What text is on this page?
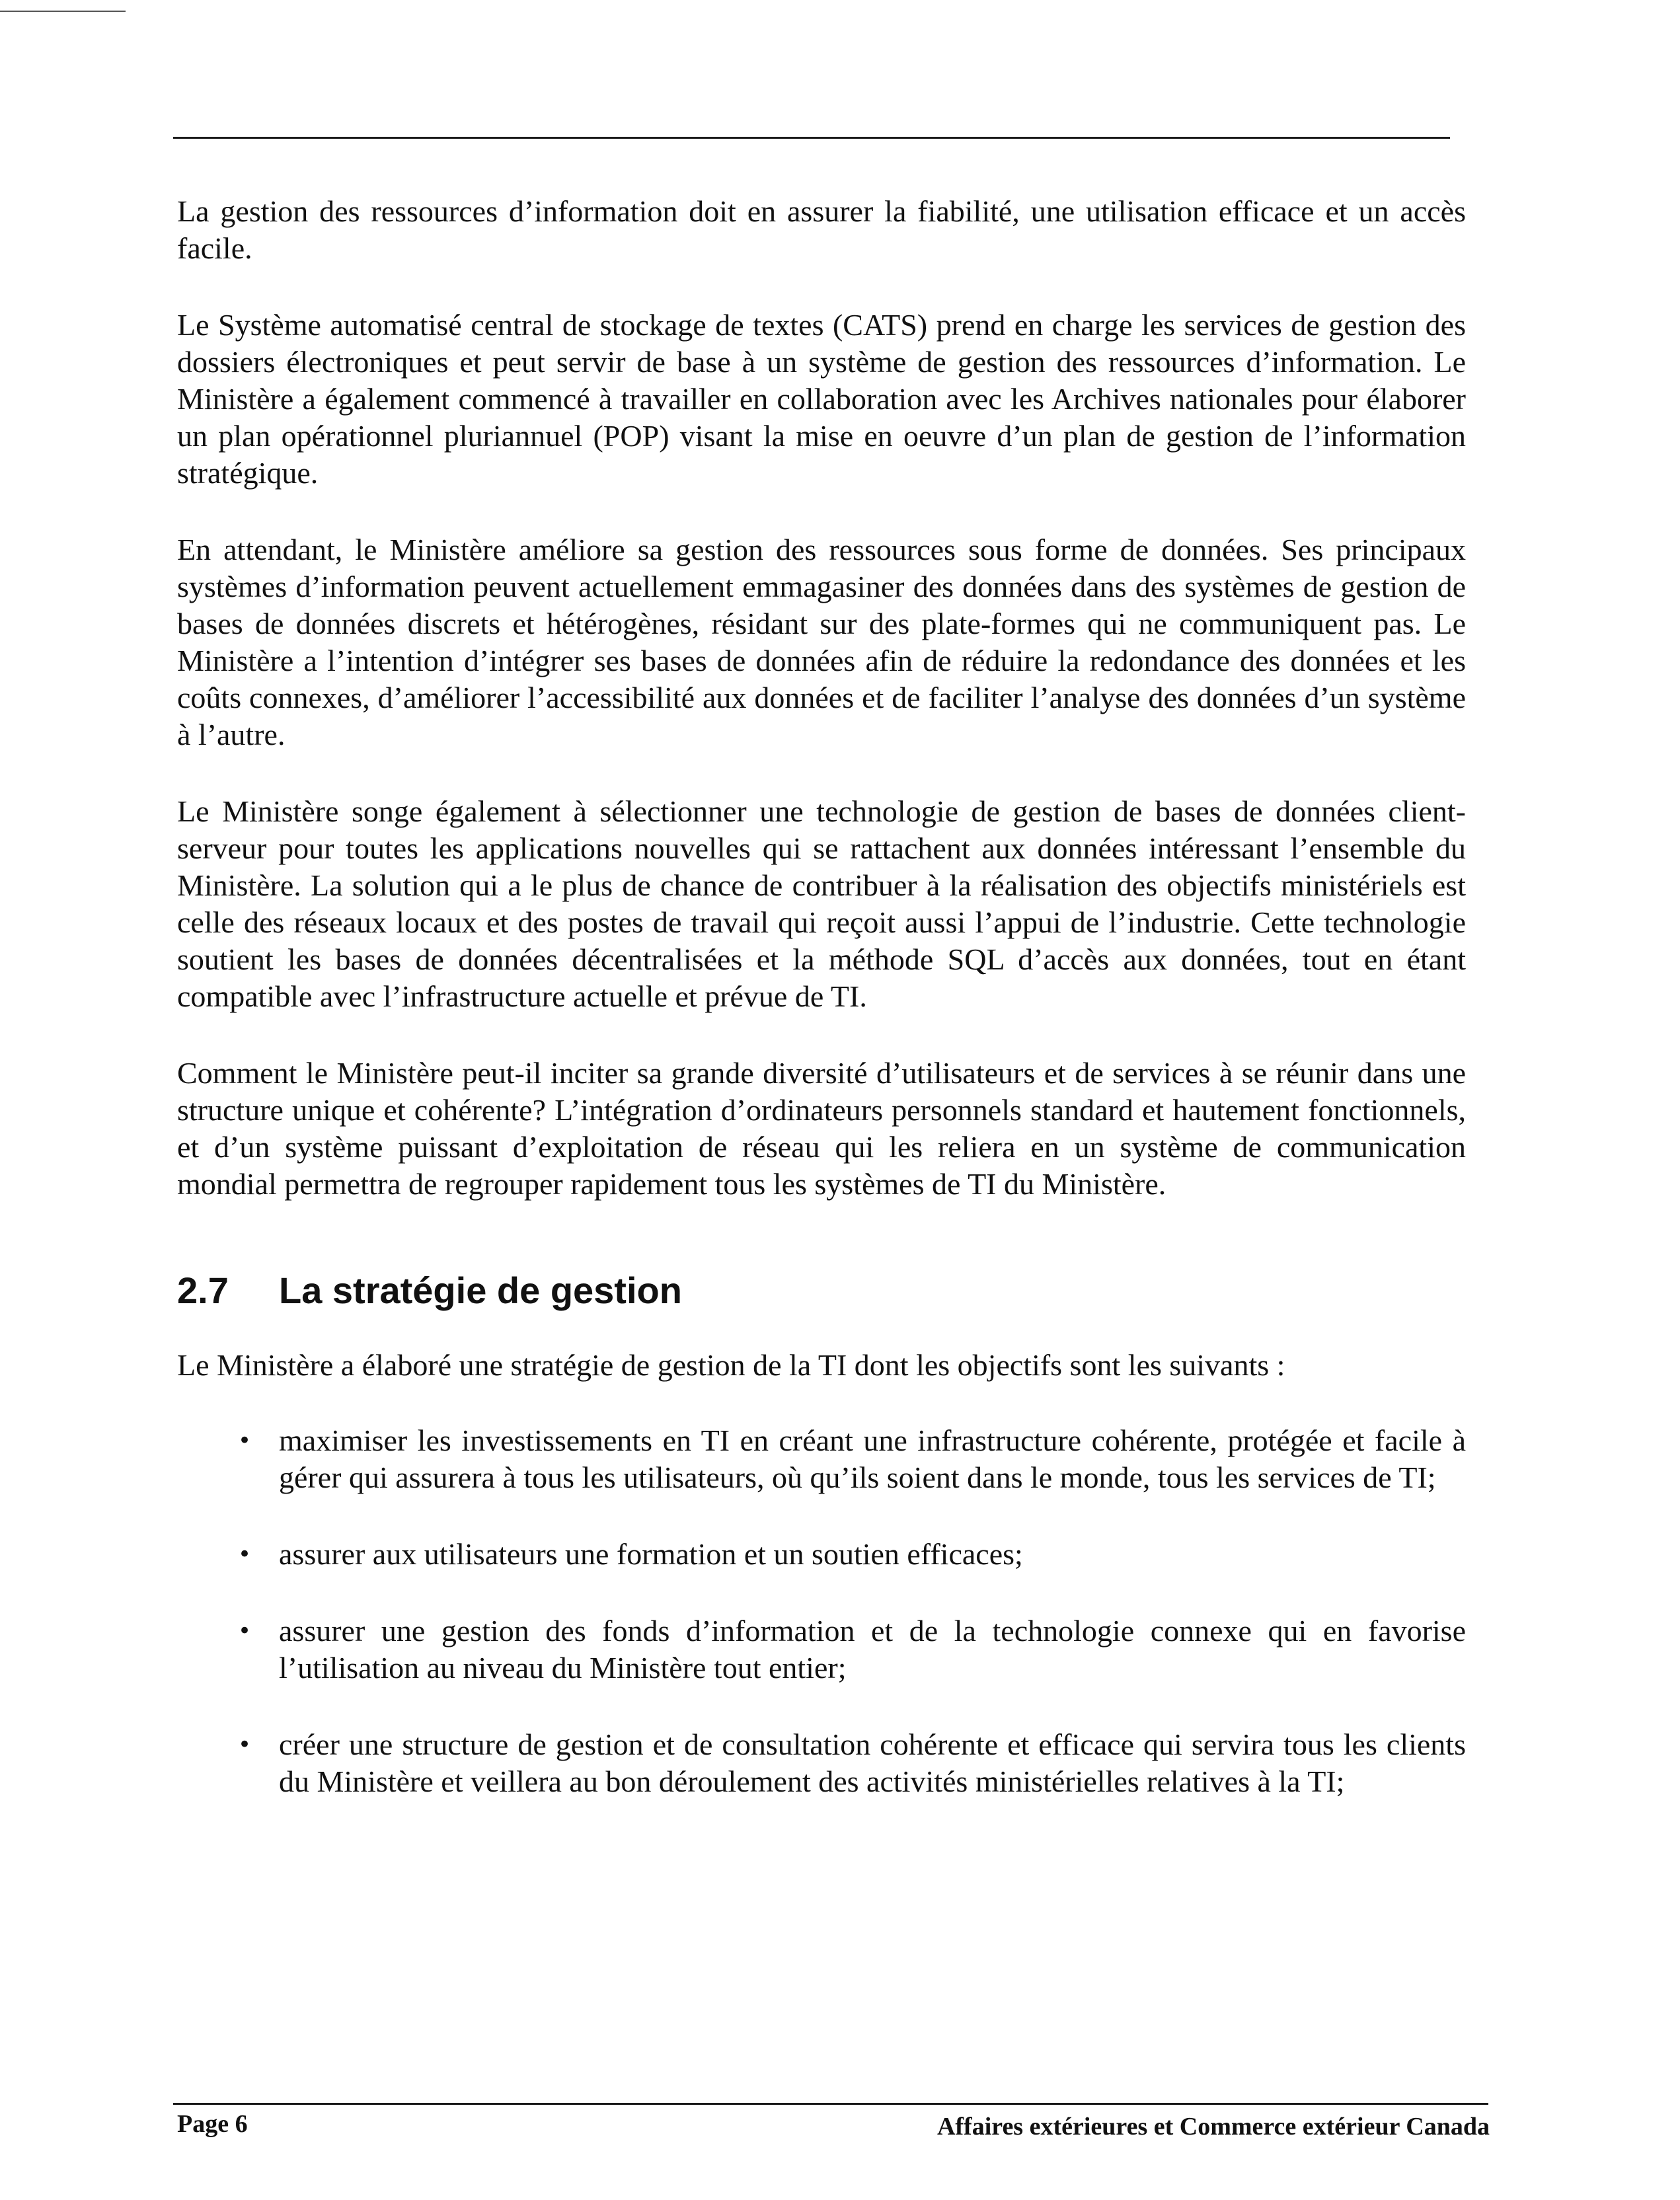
La gestion des ressources d’information doit en assurer la fiabilité, une utilisation efficace et un accès facile.

Le Système automatisé central de stockage de textes (CATS) prend en charge les services de gestion des dossiers électroniques et peut servir de base à un système de gestion des ressources d’information. Le Ministère a également commencé à travailler en collaboration avec les Archives nationales pour élaborer un plan opérationnel pluriannuel (POP) visant la mise en oeuvre d’un plan de gestion de l’information stratégique.

En attendant, le Ministère améliore sa gestion des ressources sous forme de données. Ses principaux systèmes d’information peuvent actuellement emmagasiner des données dans des systèmes de gestion de bases de données discrets et hétérogènes, résidant sur des plate-formes qui ne communiquent pas. Le Ministère a l’intention d’intégrer ses bases de données afin de réduire la redondance des données et les coûts connexes, d’améliorer l’accessibilité aux données et de faciliter l’analyse des données d’un système à l’autre.

Le Ministère songe également à sélectionner une technologie de gestion de bases de données client-serveur pour toutes les applications nouvelles qui se rattachent aux données intéressant l’ensemble du Ministère. La solution qui a le plus de chance de contribuer à la réalisation des objectifs ministériels est celle des réseaux locaux et des postes de travail qui reçoit aussi l’appui de l’industrie. Cette technologie soutient les bases de données décentralisées et la méthode SQL d’accès aux données, tout en étant compatible avec l’infrastructure actuelle et prévue de TI.

Comment le Ministère peut-il inciter sa grande diversité d’utilisateurs et de services à se réunir dans une structure unique et cohérente? L’intégration d’ordinateurs personnels standard et hautement fonctionnels, et d’un système puissant d’exploitation de réseau qui les reliera en un système de communication mondial permettra de regrouper rapidement tous les systèmes de TI du Ministère.

2.7	La stratégie de gestion

Le Ministère a élaboré une stratégie de gestion de la TI dont les objectifs sont les suivants :

• maximiser les investissements en TI en créant une infrastructure cohérente, protégée et facile à gérer qui assurera à tous les utilisateurs, où qu’ils soient dans le monde, tous les services de TI;
• assurer aux utilisateurs une formation et un soutien efficaces;
• assurer une gestion des fonds d’information et de la technologie connexe qui en favorise l’utilisation au niveau du Ministère tout entier;
• créer une structure de gestion et de consultation cohérente et efficace qui servira tous les clients du Ministère et veillera au bon déroulement des activités ministérielles relatives à la TI;
Page 6	Affaires extérieures et Commerce extérieur Canada
